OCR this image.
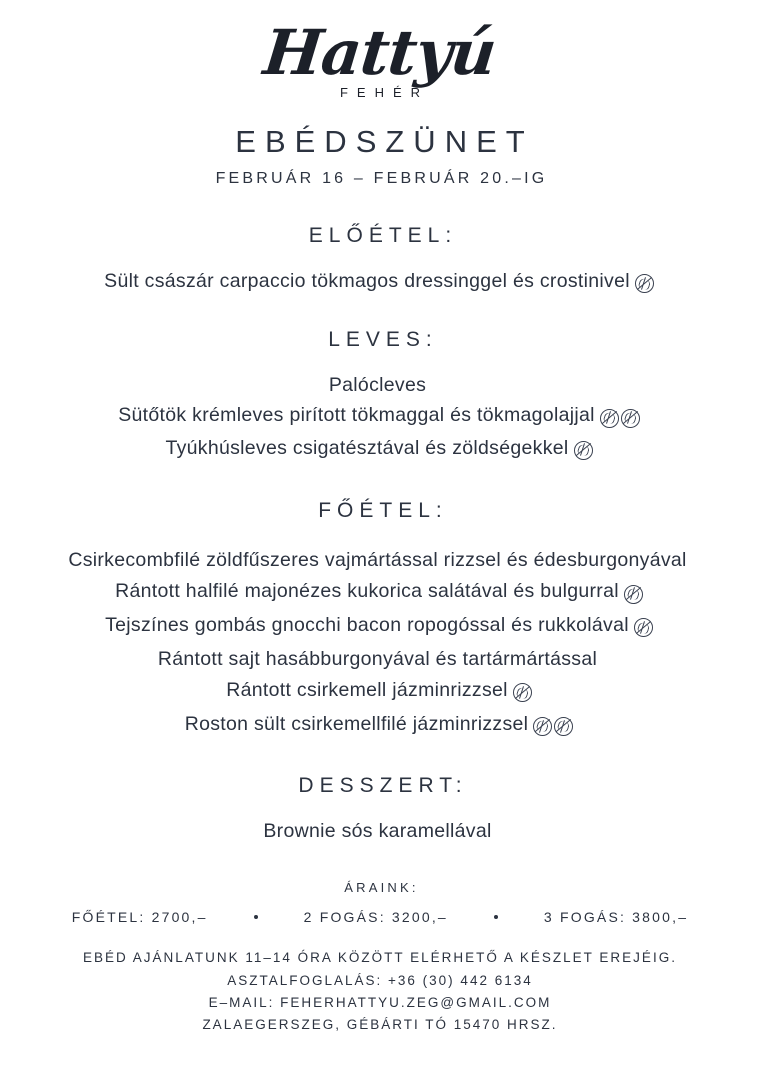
Hattyú
FEHÉR
EBÉDSZÜNET
FEBRUÁR 16 – FEBRUÁR 20.–IG
ELŐÉTEL:
Sült császár carpaccio tökmagos dressinggel és crostinivel
LEVES:
Palócleves
Sütőtök krémleves pirított tökmaggal és tökmagolajjal
Tyúkhúsleves csigatésztával és zöldségekkel
FŐÉTEL:
Csirkecombfilé zöldfűszeres vajmártással rizzsel és édesburgonyával
Rántott halfilé majonézes kukorica salátával és bulgurral
Tejszínes gombás gnocchi bacon ropogóssal és rukkolával
Rántott sajt hasábburgonyával és tartármártással
Rántott csirkemell jázminrizzsel
Roston sült csirkemellfilé jázminrizzsel
DESSZERT:
Brownie sós karamellával
ÁRAINK:
FŐÉTEL: 2700,–	2 FOGÁS: 3200,–	3 FOGÁS: 3800,–
EBÉD AJÁNLATUNK 11–14 ÓRA KÖZÖTT ELÉRHETŐ A KÉSZLET EREJÉIG.
ASZTALFOGLALÁS: +36 (30) 442 6134
E–MAIL: FEHERHATTYU.ZEG@GMAIL.COM
ZALAEGERSZEG, GÉBÁRTI TÓ 15470 HRSZ.
